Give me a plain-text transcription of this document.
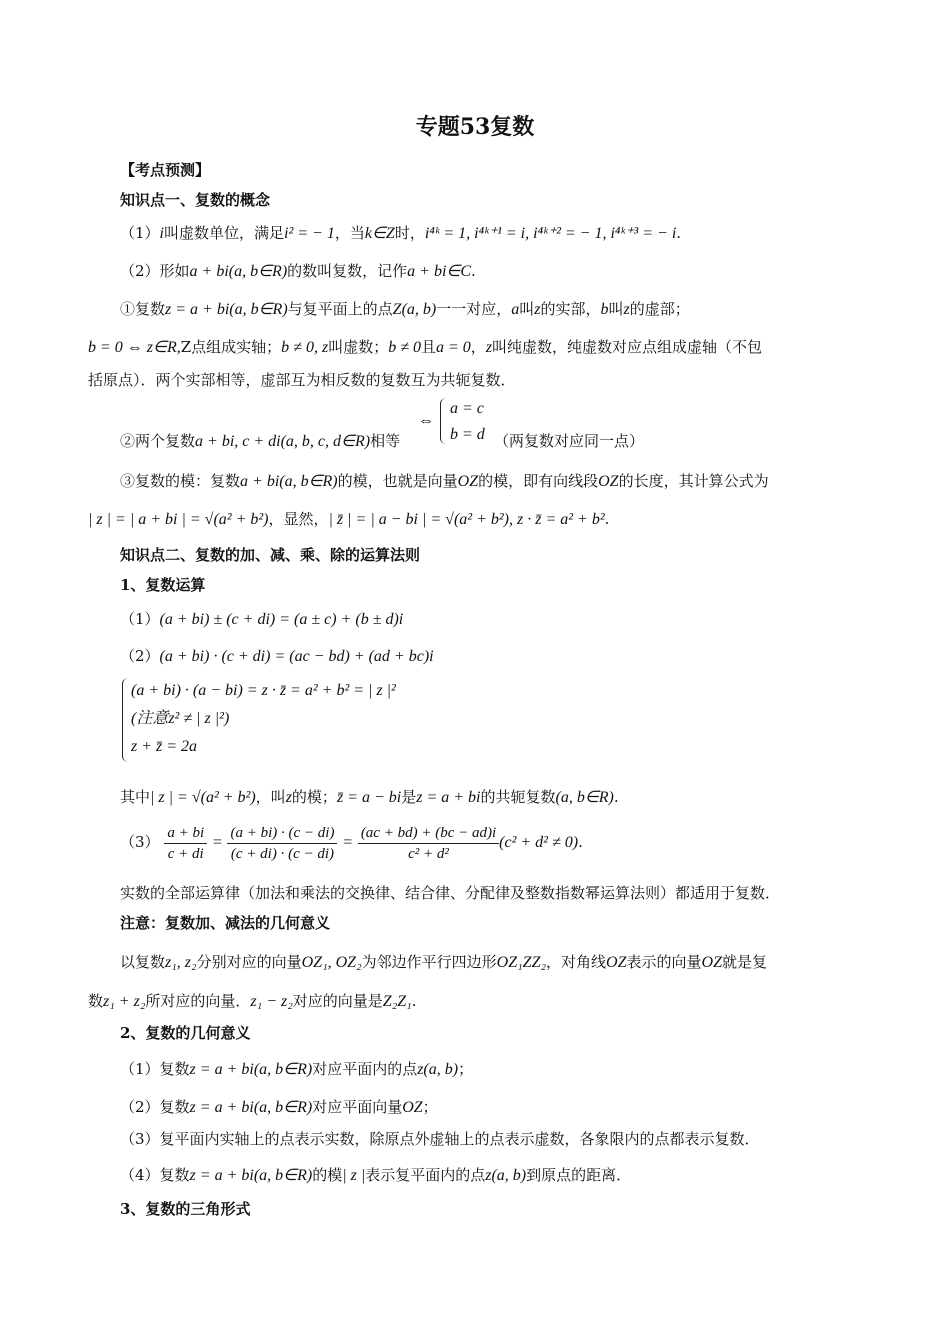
专题53复数
【考点预测】
知识点一、复数的概念
（1）i叫虚数单位，满足i² = − 1，当k∈Z时，i⁴ᵏ = 1, i⁴ᵏ⁺¹ = i, i⁴ᵏ⁺² = − 1, i⁴ᵏ⁺³ = − i.
（2）形如a + bi(a, b∈R)的数叫复数，记作a + bi∈C.
①复数z = a + bi(a, b∈R)与复平面上的点Z(a, b)一一对应，a叫z的实部，b叫z的虚部；
b = 0 ⇔ z∈R,Z点组成实轴；b ≠ 0, z叫虚数；b ≠ 0且a = 0，z叫纯虚数，纯虚数对应点组成虚轴（不包
括原点）．两个实部相等，虚部互为相反数的复数互为共轭复数．
②两个复数a + bi, c + di(a, b, c, d∈R)相等
⇔
a = c
b = d （两复数对应同一点）
③复数的模：复数a + bi(a, b∈R)的模，也就是向量OZ的模，即有向线段OZ的长度，其计算公式为
| z | = | a + bi | = √(a² + b²)，显然，| z̄ | = | a − bi | = √(a² + b²), z · z̄ = a² + b².
知识点二、复数的加、减、乘、除的运算法则
1、复数运算
（1）(a + bi) ± (c + di) = (a ± c) + (b ± d)i
（2）(a + bi) · (c + di) = (ac − bd) + (ad + bc)i
(a + bi) · (a − bi) = z · z̄ = a² + b² = | z |²
(注意z² ≠ | z |²)
z + z̄ = 2a
其中| z | = √(a² + b²)，叫z的模；z̄ = a − bi是z = a + bi的共轭复数(a, b∈R).
$(3) \frac{a + bi}{c + di} = \frac{(a + bi) \cdot (c - di)}{(c + di) \cdot (c - di)} = \frac{(ac + bd) + (bc - ad)i}{\text{c² + d²}} (c^2 + d^2 \ne 0)$.
实数的全部运算律（加法和乘法的交换律、结合律、分配律及整数指数幂运算法则）都适用于复数．
注意：复数加、减法的几何意义
以复数z₁, z₂分别对应的向量OZ₁, OZ₂为邻边作平行四边形OZ₁ZZ₂，对角线OZ表示的向量OZ就是复
数z₁ + z₂所对应的向量．z₁ − z₂对应的向量是Z₂Z₁.
2、复数的几何意义
（1）复数z = a + bi(a, b∈R)对应平面内的点z(a, b)；
（2）复数z = a + bi(a, b∈R)对应平面向量OZ；
（3）复平面内实轴上的点表示实数，除原点外虚轴上的点表示虚数，各象限内的点都表示复数．
（4）复数z = a + bi(a, b∈R)的模| z |表示复平面内的点z(a, b)到原点的距离．
3、复数的三角形式
